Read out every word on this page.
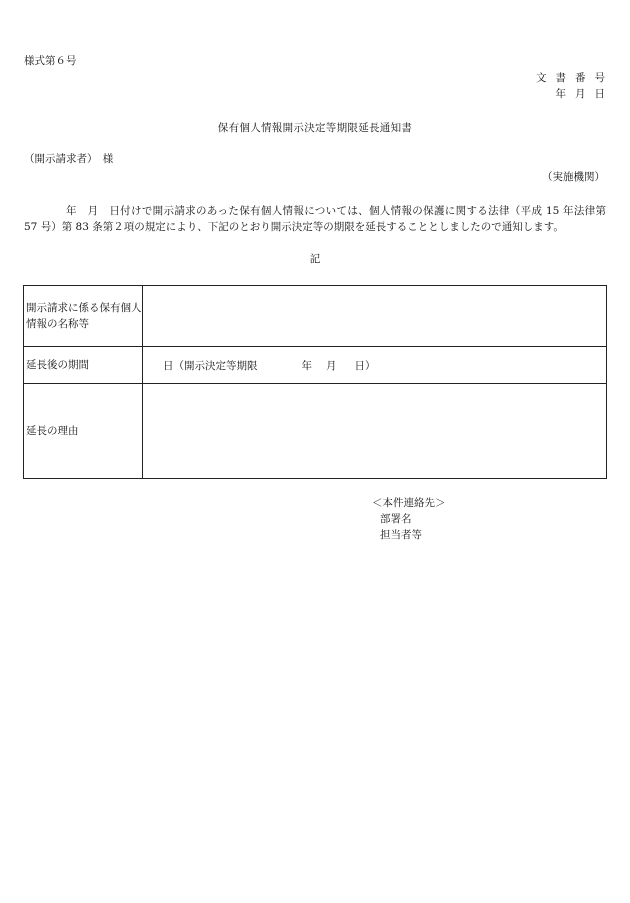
様式第６号
文書番号
年月日
保有個人情報開示決定等期限延長通知書
（開示請求者）　様
（実施機関）
年　月　日付けで開示請求のあった保有個人情報については、個人情報の保護に関する法律（平成 15 年法律第 57 号）第 83 条第２項の規定により、下記のとおり開示決定等の期限を延長することとしましたので通知します。
記
開示請求に係る保有個人情報の名称等	
延長後の期間	日（開示決定等期限 年 月 日）
延長の理由	
＜本件連絡先＞
部署名
担当者等
